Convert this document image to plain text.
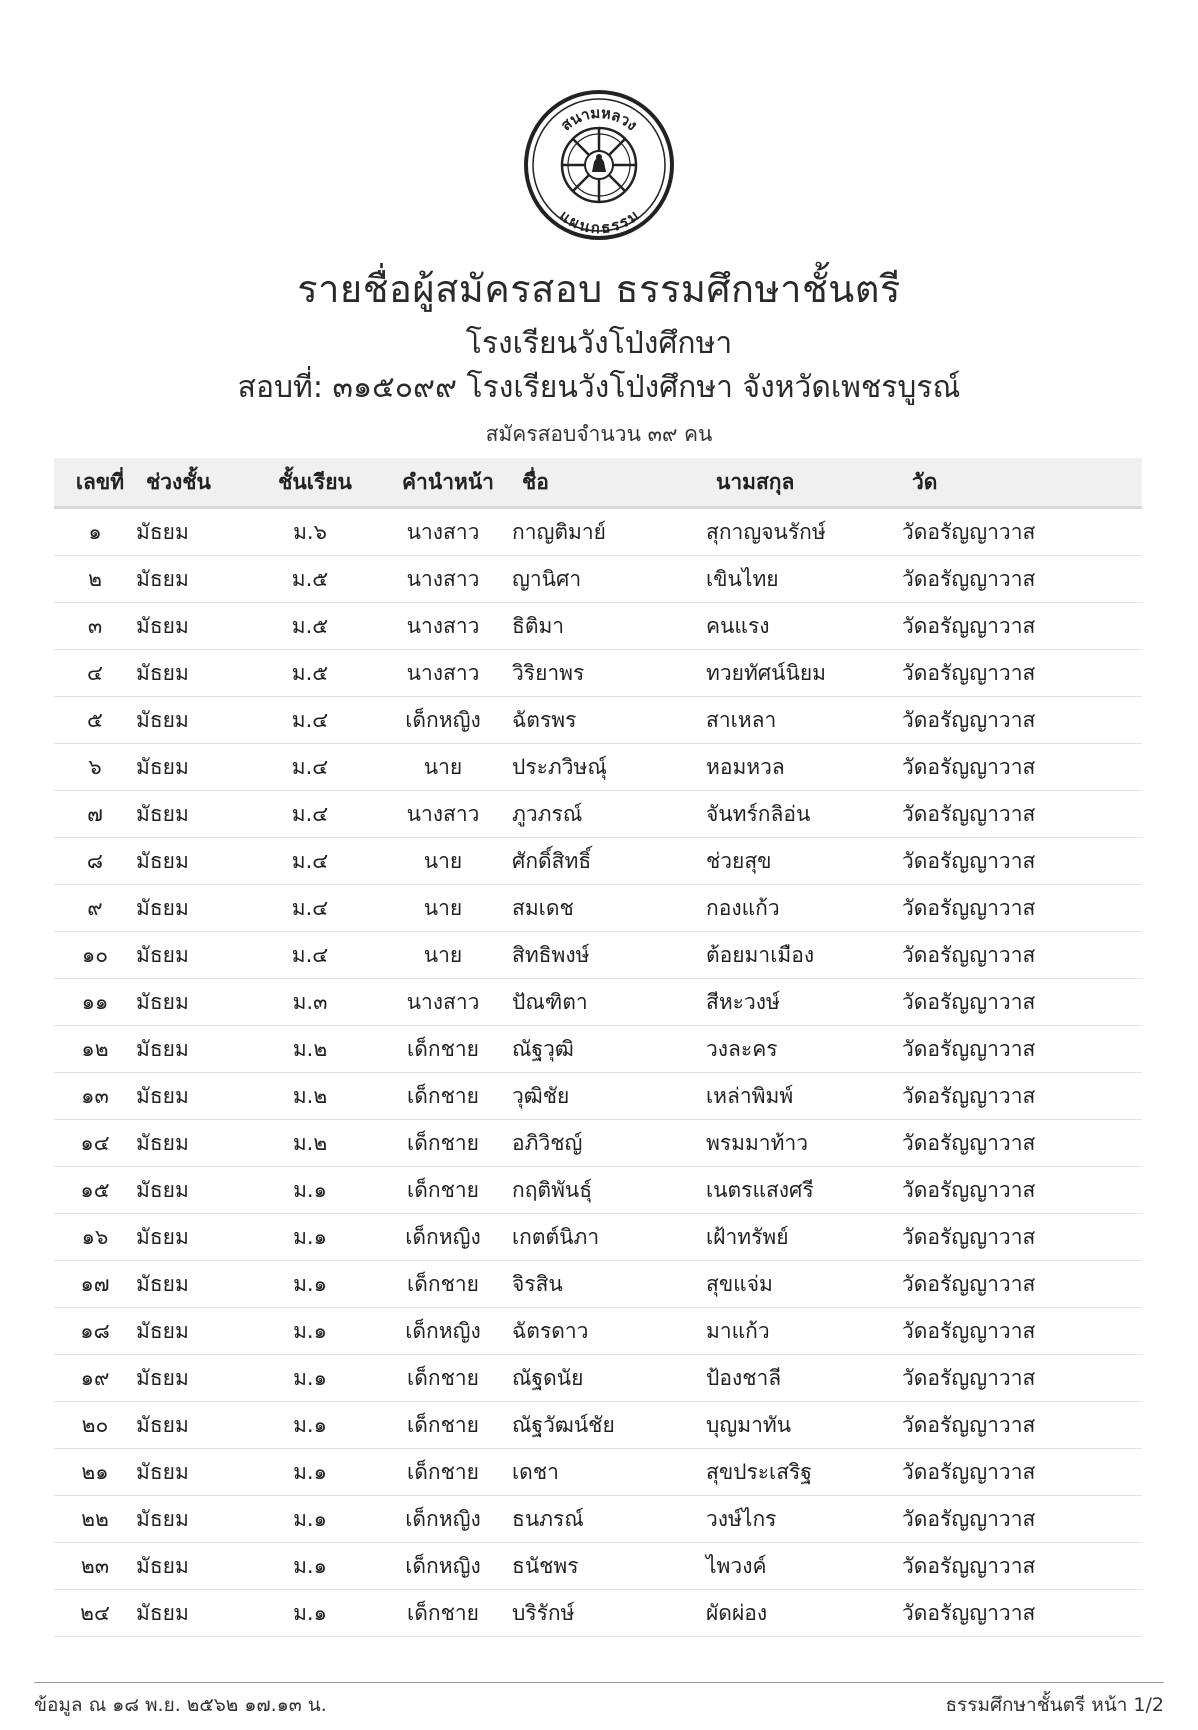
สนามหลวง
แผนกธรรม
รายชื่อผู้สมัครสอบ ธรรมศึกษาชั้นตรี
โรงเรียนวังโป่งศึกษา
สอบที่: ๓๑๕๐๙๙ โรงเรียนวังโป่งศึกษา จังหวัดเพชรบูรณ์
สมัครสอบจำนวน ๓๙ คน
เลขที่	ช่วงชั้น	ชั้นเรียน	คำนำหน้า	ชื่อ	นามสกุล	วัด
๑	มัธยม	ม.๖	นางสาว	กาญติมาย์	สุกาญจนรักษ์	วัดอรัญญาวาส
๒	มัธยม	ม.๕	นางสาว	ญานิศา	เขินไทย	วัดอรัญญาวาส
๓	มัธยม	ม.๕	นางสาว	ธิติมา	คนแรง	วัดอรัญญาวาส
๔	มัธยม	ม.๕	นางสาว	วิริยาพร	ทวยทัศน์นิยม	วัดอรัญญาวาส
๕	มัธยม	ม.๔	เด็กหญิง	ฉัตรพร	สาเหลา	วัดอรัญญาวาส
๖	มัธยม	ม.๔	นาย	ประภวิษณุ์	หอมหวล	วัดอรัญญาวาส
๗	มัธยม	ม.๔	นางสาว	ภูวภรณ์	จันทร์กลิอ่น	วัดอรัญญาวาส
๘	มัธยม	ม.๔	นาย	ศักดิ์สิทธิ์	ช่วยสุข	วัดอรัญญาวาส
๙	มัธยม	ม.๔	นาย	สมเดช	กองแก้ว	วัดอรัญญาวาส
๑๐	มัธยม	ม.๔	นาย	สิทธิพงษ์	ต้อยมาเมือง	วัดอรัญญาวาส
๑๑	มัธยม	ม.๓	นางสาว	ปัณฑิตา	สีหะวงษ์	วัดอรัญญาวาส
๑๒	มัธยม	ม.๒	เด็กชาย	ณัฐวุฒิ	วงละคร	วัดอรัญญาวาส
๑๓	มัธยม	ม.๒	เด็กชาย	วุฒิชัย	เหล่าพิมพ์	วัดอรัญญาวาส
๑๔	มัธยม	ม.๒	เด็กชาย	อภิวิชญ์	พรมมาท้าว	วัดอรัญญาวาส
๑๕	มัธยม	ม.๑	เด็กชาย	กฤติพันธุ์	เนตรแสงศรี	วัดอรัญญาวาส
๑๖	มัธยม	ม.๑	เด็กหญิง	เกตต์นิภา	เฝ้าทรัพย์	วัดอรัญญาวาส
๑๗	มัธยม	ม.๑	เด็กชาย	จิรสิน	สุขแจ่ม	วัดอรัญญาวาส
๑๘	มัธยม	ม.๑	เด็กหญิง	ฉัตรดาว	มาแก้ว	วัดอรัญญาวาส
๑๙	มัธยม	ม.๑	เด็กชาย	ณัฐดนัย	ป้องชาลี	วัดอรัญญาวาส
๒๐	มัธยม	ม.๑	เด็กชาย	ณัฐวัฒน์ชัย	บุญมาทัน	วัดอรัญญาวาส
๒๑	มัธยม	ม.๑	เด็กชาย	เดชา	สุขประเสริฐ	วัดอรัญญาวาส
๒๒	มัธยม	ม.๑	เด็กหญิง	ธนภรณ์	วงษ์ไกร	วัดอรัญญาวาส
๒๓	มัธยม	ม.๑	เด็กหญิง	ธนัชพร	ไพวงค์	วัดอรัญญาวาส
๒๔	มัธยม	ม.๑	เด็กชาย	บริรักษ์	ผัดผ่อง	วัดอรัญญาวาส
ข้อมูล ณ ๑๘ พ.ย. ๒๕๖๒ ๑๗.๑๓ น.	ธรรมศึกษาชั้นตรี หน้า 1/2
